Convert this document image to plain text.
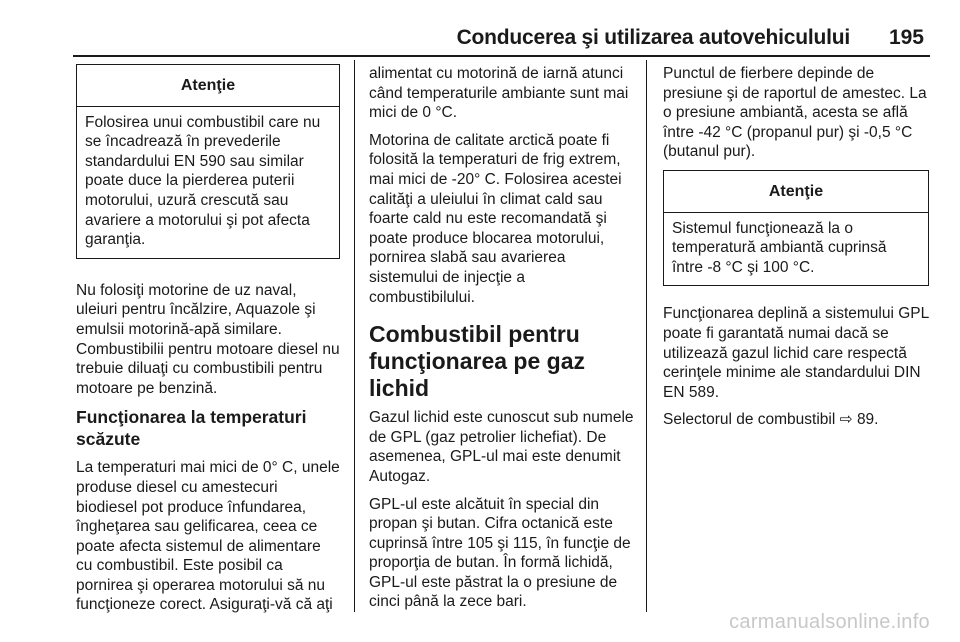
Conducerea şi utilizarea autovehiculului 195
Atenţie
Folosirea unui combustibil care nu se încadrează în prevederile standardului EN 590 sau similar poate duce la pierderea puterii motorului, uzură crescută sau avariere a motorului şi pot afecta garanţia.

Nu folosiţi motorine de uz naval, uleiuri pentru încălzire, Aquazole şi emulsii motorină-apă similare. Combustibilii pentru motoare diesel nu trebuie diluaţi cu combustibili pentru motoare pe benzină.

Funcţionarea la temperaturi scăzute

La temperaturi mai mici de 0° C, unele produse diesel cu amestecuri biodiesel pot produce înfundarea, îngheţarea sau gelificarea, ceea ce poate afecta sistemul de alimentare cu combustibil. Este posibil ca pornirea şi operarea motorului să nu funcţioneze corect. Asiguraţi-vă că aţi

alimentat cu motorină de iarnă atunci când temperaturile ambiante sunt mai mici de 0 °C.

Motorina de calitate arctică poate fi folosită la temperaturi de frig extrem, mai mici de -20° C. Folosirea acestei calităţi a uleiului în climat cald sau foarte cald nu este recomandată şi poate produce blocarea motorului, pornirea slabă sau avarierea sistemului de injecţie a combustibilului.

Combustibil pentru funcţionarea pe gaz lichid

Gazul lichid este cunoscut sub numele de GPL (gaz petrolier lichefiat). De asemenea, GPL-ul mai este denumit Autogaz.

GPL-ul este alcătuit în special din propan şi butan. Cifra octanică este cuprinsă între 105 şi 115, în funcţie de proporţia de butan. În formă lichidă, GPL-ul este păstrat la o presiune de cinci până la zece bari.

Punctul de fierbere depinde de presiune şi de raportul de amestec. La o presiune ambiantă, acesta se află între -42 °C (propanul pur) şi -0,5 °C (butanul pur).

Atenţie
Sistemul funcţionează la o temperatură ambiantă cuprinsă între -8 °C şi 100 °C.

Funcţionarea deplină a sistemului GPL poate fi garantată numai dacă se utilizează gazul lichid care respectă cerinţele minime ale standardului DIN EN 589.

Selectorul de combustibil ⇨ 89.

carmanualsonline.info
